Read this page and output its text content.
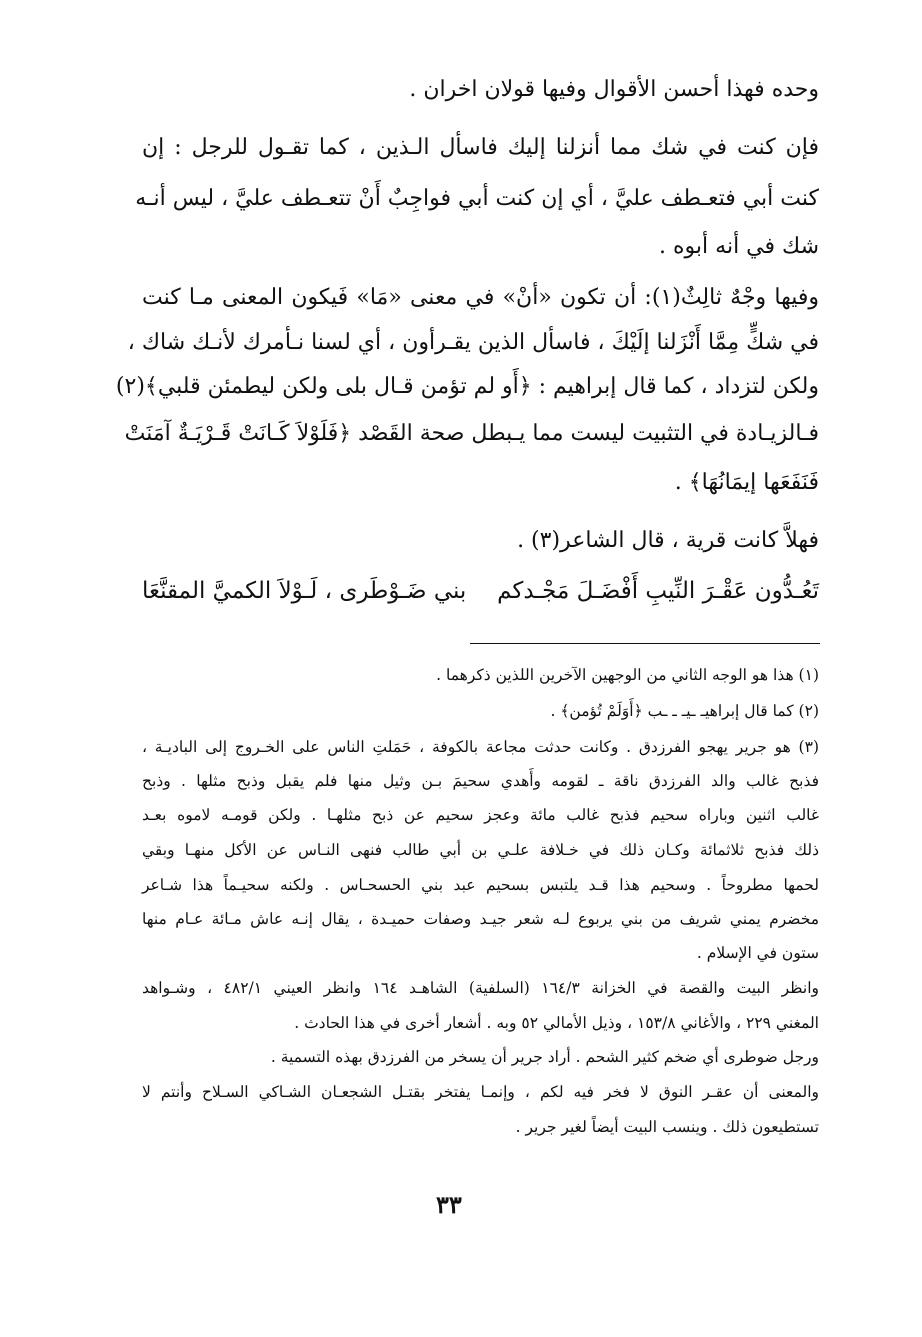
وحده فهذا أحسن الأقوال وفيها قولان اخران .
فإن كنت في شك مما أنزلنا إليك فاسأل الـذين ، كما تقـول للرجل : إن
كنت أبي فتعـطف عليَّ ، أي إن كنت أبي فواجِبٌ أَنْ تتعـطف عليَّ ، ليس أنـه
شك في أنه أبوه .
وفيها وجْهٌ ثالِثٌ(١): أن تكون «أنْ» في معنى «مَا» فَيكون المعنى مـا كنت
في شكٍّ مِمَّا أَنْزَلنا إلَيْكَ ، فاسأل الذين يقـرأون ، أي لسنا نـأمرك لأنـك شاك ،
ولكن لتزداد ، كما قال إبراهيم : ﴿أَو لم تؤمن قـال بلى ولكن ليطمئن قلبي﴾(٢)
فـالزيـادة في التثبيت ليست مما يـبطل صحة القَصْد ﴿فَلَوْلاَ كَـانَتْ قَـرْيَـةٌ آمَنَتْ
فَنَفَعَها إيمَانُهَا﴾ .
فهلاَّ كانت قرية ، قال الشاعر(٣) .
تَعُـدُّون عَقْـرَ النِّيبِ أَفْضَـلَ مَجْـدكم
بني ضَـوْطَرى ، لَـوْلاَ الكميَّ المقنَّعَا
(١) هذا هو الوجه الثاني من الوجهين الآخرين اللذين ذكرهما .
(٢) كما قال إبراهيـ ـيـ ـ ـب ﴿أَوَلَمْ تُؤمن﴾ .
(٣) هو جرير يهجو الفرزدق . وكانت حدثت مجاعة بالكوفة ، حَمَلتِ الناس على الخـروج إلى الباديـة ،
فذبح غالب والد الفرزدق ناقة ـ لقومه وأَهدي سحيمَ بـن وثيل منها فلم يقبل وذبح مثلها . وذبح
غالب اثنين وباراه سحيم فذبح غالب مائة وعجز سحيم عن ذبح مثلهـا . ولكن قومـه لاموه بعـد
ذلك فذبح ثلاثمائة وكـان ذلك في خـلافة علـي بن أبي طالب فنهى النـاس عن الأكل منهـا وبقي
لحمها مطروحاً . وسحيم هذا قـد يلتبس بسحيم عبد بني الحسحـاس . ولكنه سحيـماً هذا شـاعر
مخضرم يمني شريف من بني يربوع لـه شعر جيـد وصفات حميـدة ، يقال إنـه عاش مـائة عـام منها
ستون في الإسلام .
وانظر البيت والقصة في الخزانة ١٦٤/٣ (السلفية) الشاهـد ١٦٤ وانظر العيني ٤٨٢/١ ، وشـواهد
المغني ٢٢٩ ، والأغاني ١٥٣/٨ ، وذيل الأمالي ٥٢ وبه . أشعار أخرى في هذا الحادث .
ورجل ضوطرى أي ضخم كثير الشحم . أراد جرير أن يسخر من الفرزدق بهذه التسمية .
والمعنى أن عقـر النوق لا فخر فيه لكم ، وإنمـا يفتخر بقتـل الشجعـان الشـاكي السـلاح وأنتم لا
تستطيعون ذلك . وينسب البيت أيضاً لغير جرير .
٣٣
